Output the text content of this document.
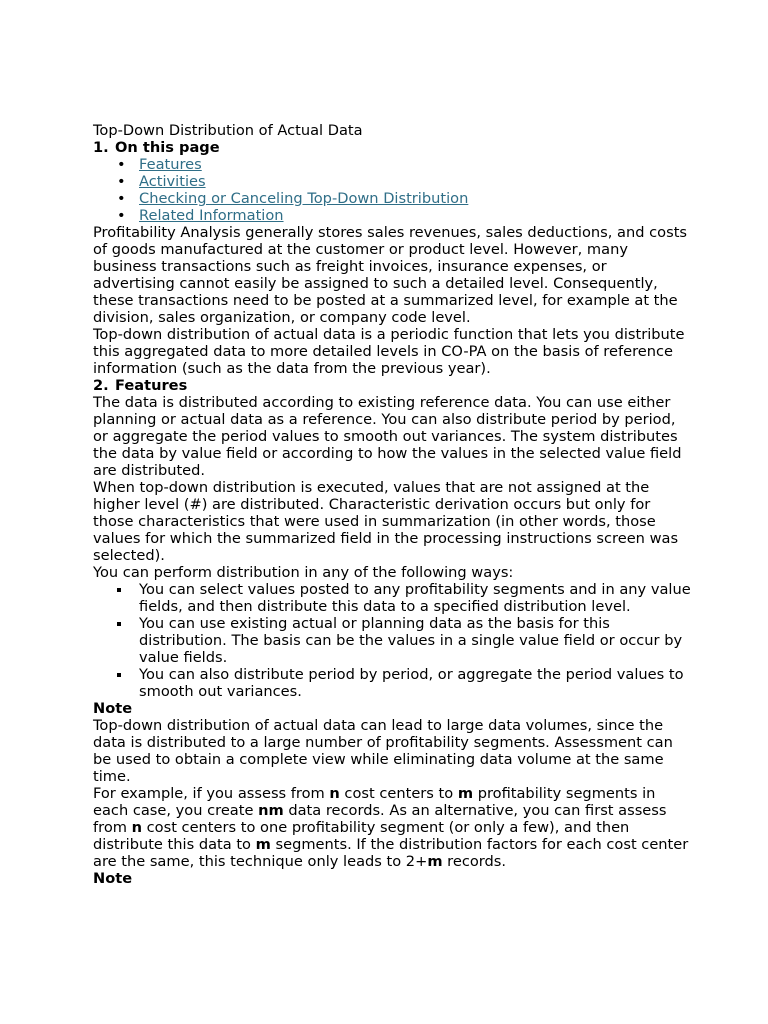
Top-Down Distribution of Actual Data
1. On this page
• Features
• Activities
• Checking or Canceling Top-Down Distribution
• Related Information

Profitability Analysis generally stores sales revenues, sales deductions, and costs of goods manufactured at the customer or product level. However, many business transactions such as freight invoices, insurance expenses, or advertising cannot easily be assigned to such a detailed level. Consequently, these transactions need to be posted at a summarized level, for example at the division, sales organization, or company code level.

Top-down distribution of actual data is a periodic function that lets you distribute this aggregated data to more detailed levels in CO-PA on the basis of reference information (such as the data from the previous year).

2. Features

The data is distributed according to existing reference data. You can use either planning or actual data as a reference. You can also distribute period by period, or aggregate the period values to smooth out variances. The system distributes the data by value field or according to how the values in the selected value field are distributed.

When top-down distribution is executed, values that are not assigned at the higher level (#) are distributed. Characteristic derivation occurs but only for those characteristics that were used in summarization (in other words, those values for which the summarized field in the processing instructions screen was selected).

You can perform distribution in any of the following ways:

You can select values posted to any profitability segments and in any value fields, and then distribute this data to a specified distribution level.
You can use existing actual or planning data as the basis for this distribution. The basis can be the values in a single value field or occur by value fields.
You can also distribute period by period, or aggregate the period values to smooth out variances.
Note

Top-down distribution of actual data can lead to large data volumes, since the data is distributed to a large number of profitability segments. Assessment can be used to obtain a complete view while eliminating data volume at the same time.

For example, if you assess from n cost centers to m profitability segments in each case, you create nm data records. As an alternative, you can first assess from n cost centers to one profitability segment (or only a few), and then distribute this data to m segments. If the distribution factors for each cost center are the same, this technique only leads to 2+m records.

Note
